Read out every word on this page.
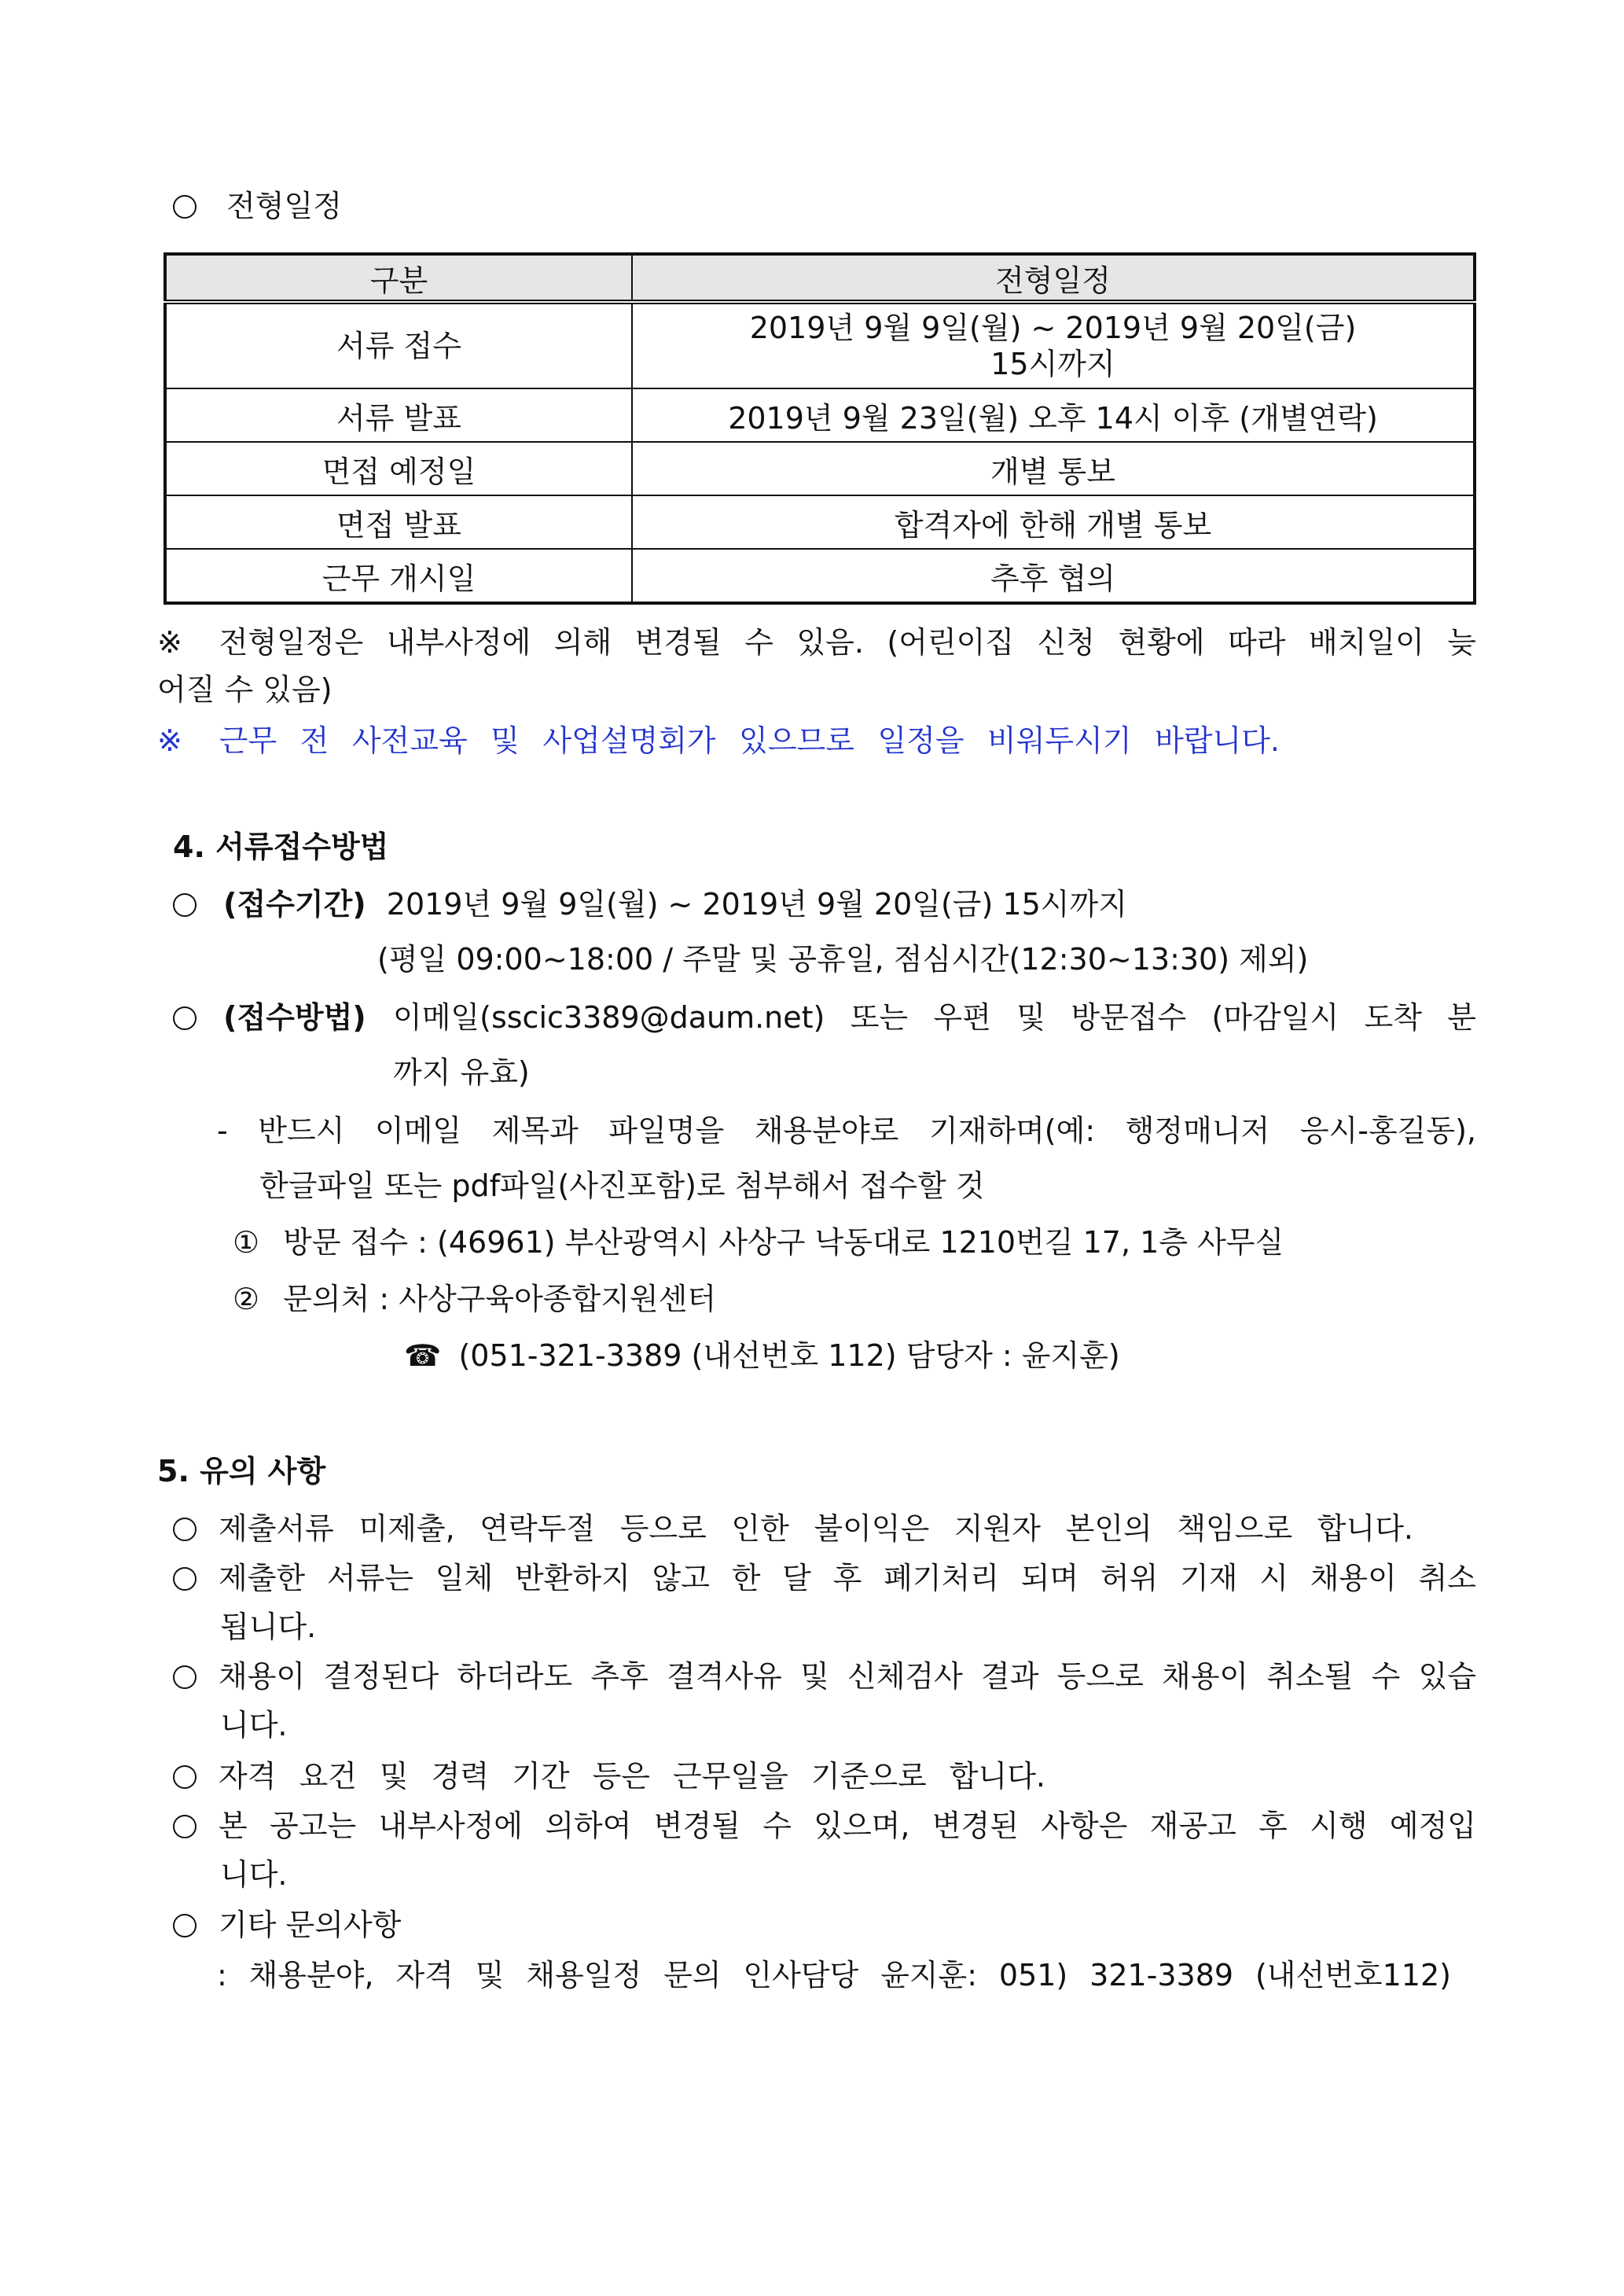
전형일정
구분	전형일정
서류 접수	2019년 9월 9일(월) ~ 2019년 9월 20일(금)
15시까지

서류 발표	2019년 9월 23일(월) 오후 14시 이후 (개별연락)
면접 예정일	개별 통보
면접 발표	합격자에 한해 개별 통보
근무 개시일	추후 협의
※ 전형일정은 내부사정에 의해 변경될 수 있음. (어린이집 신청 현황에 따라 배치일이 늦
어질 수 있음)
※ 근무 전 사전교육 및 사업설명회가 있으므로 일정을 비워두시기 바랍니다.
4. 서류접수방법
(접수기간) 2019년 9월 9일(월) ~ 2019년 9월 20일(금) 15시까지
(평일 09:00~18:00 / 주말 및 공휴일, 점심시간(12:30~13:30) 제외)
(접수방법) 이메일(sscic3389@daum.net) 또는 우편 및 방문접수 (마감일시 도착 분
까지 유효)
- 반드시 이메일 제목과 파일명을 채용분야로 기재하며(예: 행정매니저 응시-홍길동),
한글파일 또는 pdf파일(사진포함)로 첨부해서 접수할 것
① 방문 접수 : (46961) 부산광역시 사상구 낙동대로 1210번길 17, 1층 사무실
② 문의처 : 사상구육아종합지원센터
☎ (051-321-3389 (내선번호 112) 담당자 : 윤지훈)
5. 유의 사항
제출서류 미제출, 연락두절 등으로 인한 불이익은 지원자 본인의 책임으로 합니다.
제출한 서류는 일체 반환하지 않고 한 달 후 폐기처리 되며 허위 기재 시 채용이 취소
됩니다.
채용이 결정된다 하더라도 추후 결격사유 및 신체검사 결과 등으로 채용이 취소될 수 있습
니다.
자격 요건 및 경력 기간 등은 근무일을 기준으로 합니다.
본 공고는 내부사정에 의하여 변경될 수 있으며, 변경된 사항은 재공고 후 시행 예정입
니다.
기타 문의사항
: 채용분야, 자격 및 채용일정 문의 인사담당 윤지훈: 051) 321-3389 (내선번호112)
